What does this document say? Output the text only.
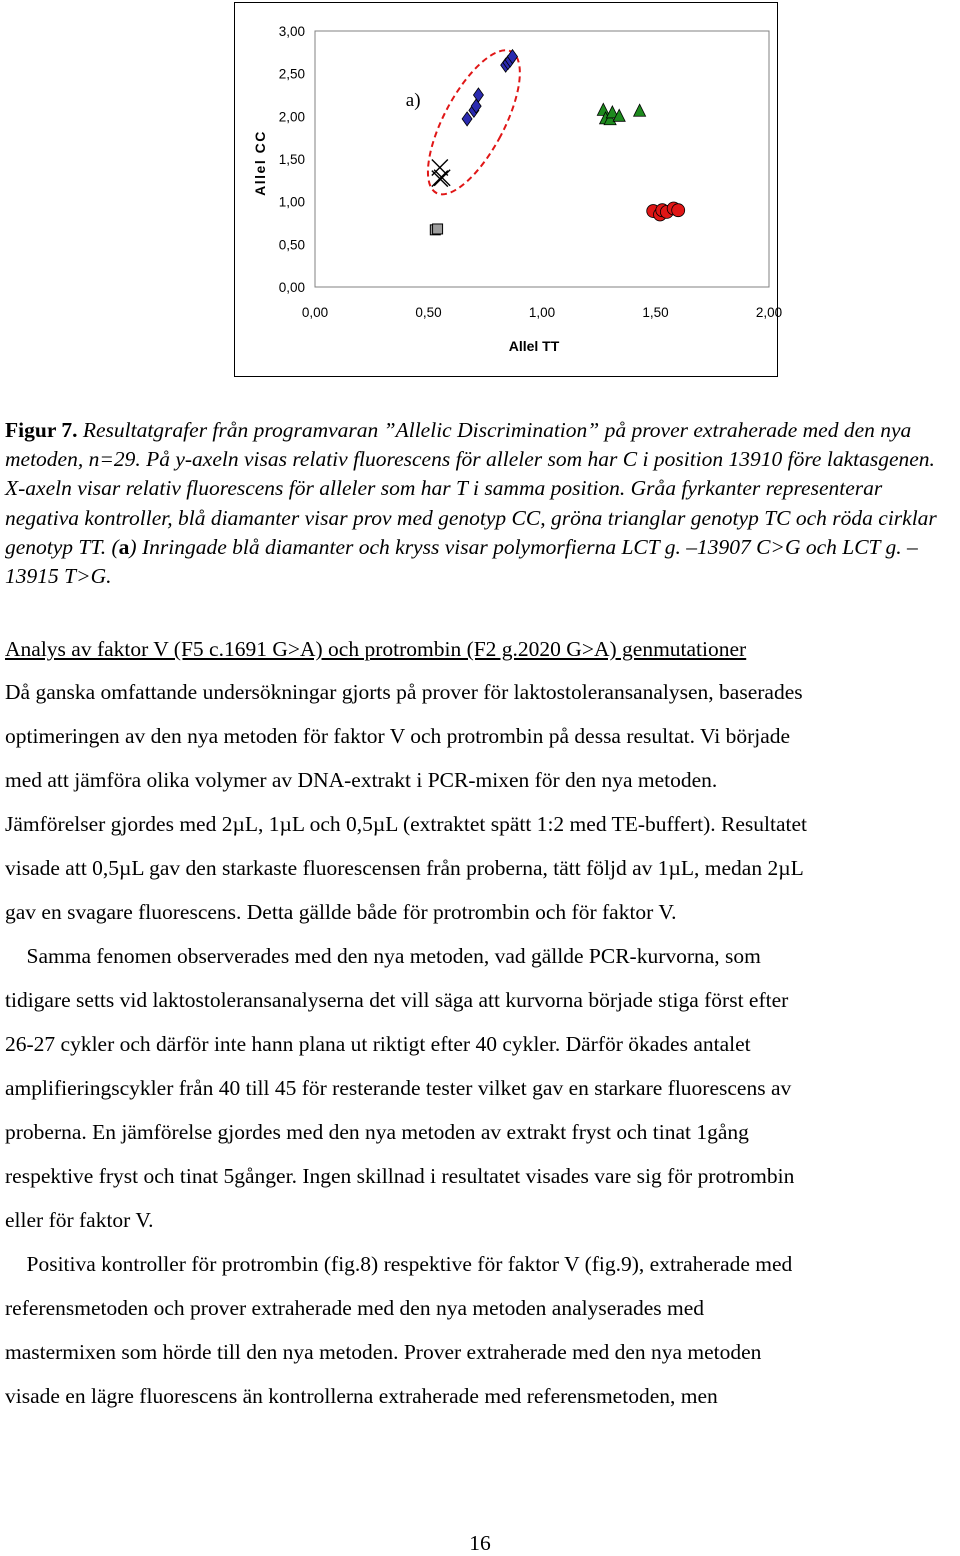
0,00
0,50
1,00
1,50
2,00
2,50
3,00
0,00	0,50	1,00	1,50	2,00
Allel TT
Allel CC
a)
Figur 7. Resultatgrafer från programvaran ”Allelic Discrimination” på prover extraherade med den nya metoden, n=29. På y-axeln visas relativ fluorescens för alleler som har C i position 13910 före laktasgenen. X-axeln visar relativ fluorescens för alleler som har T i samma position. Gråa fyrkanter representerar negativa kontroller, blå diamanter visar prov med genotyp CC, gröna trianglar genotyp TC och röda cirklar genotyp TT. (a) Inringade blå diamanter och kryss visar polymorfierna LCT g. –13907 C>G och LCT g. –13915 T>G.
Analys av faktor V (F5 c.1691 G>A) och protrombin (F2 g.2020 G>A) genmutationer
Då ganska omfattande undersökningar gjorts på prover för laktostoleransanalysen, baserades
optimeringen av den nya metoden för faktor V och protrombin på dessa resultat. Vi började
med att jämföra olika volymer av DNA-extrakt i PCR-mixen för den nya metoden.
Jämförelser gjordes med 2µL, 1µL och 0,5µL (extraktet spätt 1:2 med TE-buffert). Resultatet
visade att 0,5µL gav den starkaste fluorescensen från proberna, tätt följd av 1µL, medan 2µL
gav en svagare fluorescens. Detta gällde både för protrombin och för faktor V.
Samma fenomen observerades med den nya metoden, vad gällde PCR-kurvorna, som
tidigare setts vid laktostoleransanalyserna det vill säga att kurvorna började stiga först efter
26-27 cykler och därför inte hann plana ut riktigt efter 40 cykler. Därför ökades antalet
amplifieringscykler från 40 till 45 för resterande tester vilket gav en starkare fluorescens av
proberna. En jämförelse gjordes med den nya metoden av extrakt fryst och tinat 1gång
respektive fryst och tinat 5gånger. Ingen skillnad i resultatet visades vare sig för protrombin
eller för faktor V.
Positiva kontroller för protrombin (fig.8) respektive för faktor V (fig.9), extraherade med
referensmetoden och prover extraherade med den nya metoden analyserades med
mastermixen som hörde till den nya metoden. Prover extraherade med den nya metoden
visade en lägre fluorescens än kontrollerna extraherade med referensmetoden, men
16
